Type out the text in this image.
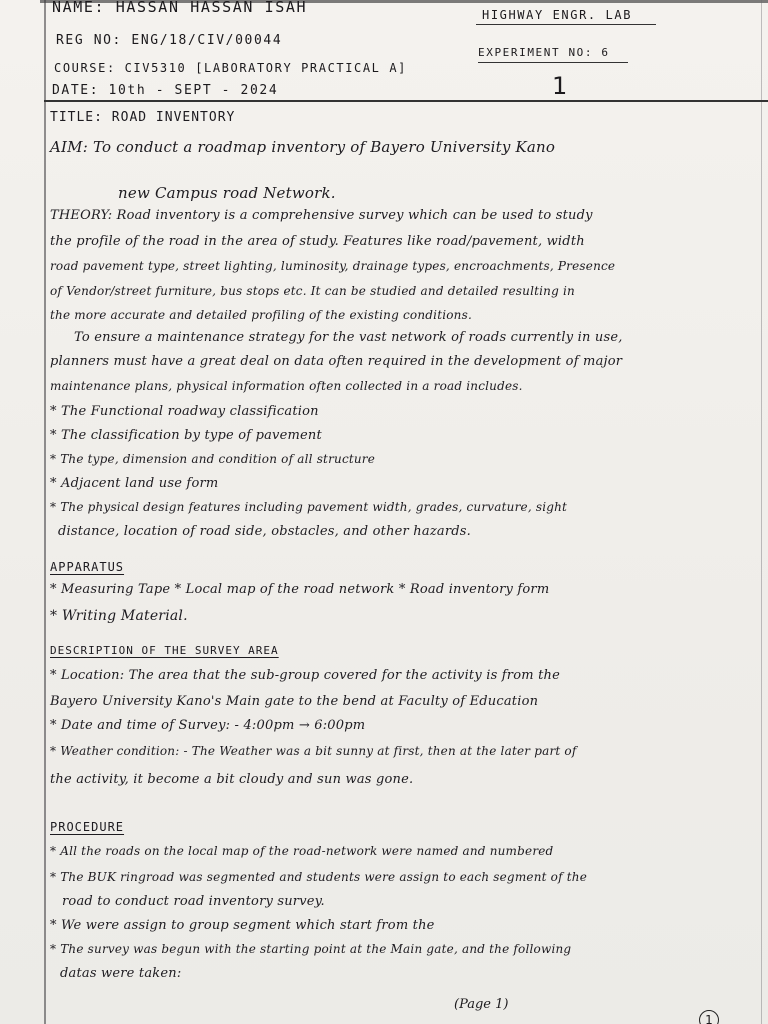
NAME: HASSAN HASSAN ISAH
REG NO: ENG/18/CIV/00044
COURSE: CIV5310 [LABORATORY PRACTICAL A]
DATE: 10th - SEPT - 2024
HIGHWAY ENGR. LAB
EXPERIMENT NO: 6
1
TITLE: ROAD INVENTORY
AIM: To conduct a roadmap inventory of Bayero University Kano
new Campus road Network.
THEORY: Road inventory is a comprehensive survey which can be used to study
the profile of the road in the area of study. Features like road/pavement, width
road pavement type, street lighting, luminosity, drainage types, encroachments, Presence
of Vendor/street furniture, bus stops etc. It can be studied and detailed resulting in
the more accurate and detailed profiling of the existing conditions.
To ensure a maintenance strategy for the vast network of roads currently in use,
planners must have a great deal on data often required in the development of major
maintenance plans, physical information often collected in a road includes.
* The Functional roadway classification
* The classification by type of pavement
* The type, dimension and condition of all structure
* Adjacent land use form
* The physical design features including pavement width, grades, curvature, sight
distance, location of road side, obstacles, and other hazards.
APPARATUS
* Measuring Tape * Local map of the road network * Road inventory form
* Writing Material.
DESCRIPTION OF THE SURVEY AREA
* Location: The area that the sub-group covered for the activity is from the
Bayero University Kano's Main gate to the bend at Faculty of Education
* Date and time of Survey: - 4:00pm → 6:00pm
* Weather condition: - The Weather was a bit sunny at first, then at the later part of
the activity, it become a bit cloudy and sun was gone.
PROCEDURE
* All the roads on the local map of the road-network were named and numbered
* The BUK ringroad was segmented and students were assign to each segment of the
road to conduct road inventory survey.
* We were assign to group segment which start from the
* The survey was begun with the starting point at the Main gate, and the following
datas were taken:
(Page 1)
1
